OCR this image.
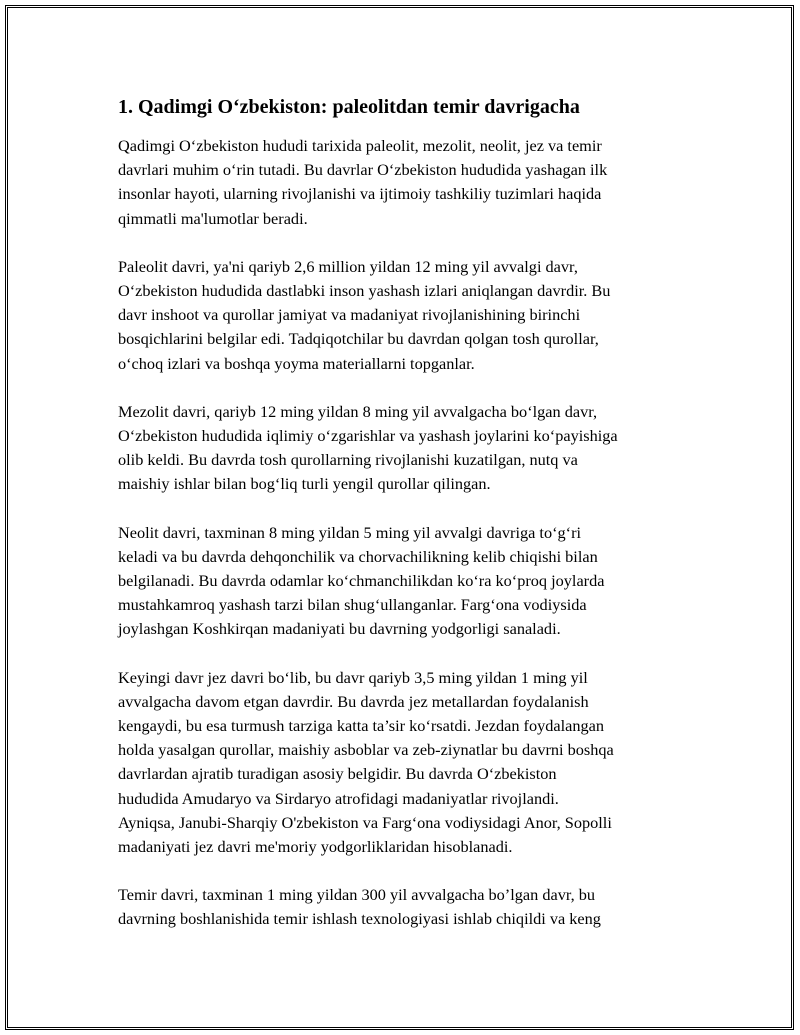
1. Qadimgi O‘zbekiston: paleolitdan temir davrigacha

Qadimgi O‘zbekiston hududi tarixida paleolit, mezolit, neolit, jez va temir
davrlari muhim o‘rin tutadi. Bu davrlar O‘zbekiston hududida yashagan ilk
insonlar hayoti, ularning rivojlanishi va ijtimoiy tashkiliy tuzimlari haqida
qimmatli ma'lumotlar beradi.

Paleolit davri, ya'ni qariyb 2,6 million yildan 12 ming yil avvalgi davr,
O‘zbekiston hududida dastlabki inson yashash izlari aniqlangan davrdir. Bu
davr inshoot va qurollar jamiyat va madaniyat rivojlanishining birinchi
bosqichlarini belgilar edi. Tadqiqotchilar bu davrdan qolgan tosh qurollar,
o‘choq izlari va boshqa yoyma materiallarni topganlar.

Mezolit davri, qariyb 12 ming yildan 8 ming yil avvalgacha bo‘lgan davr,
O‘zbekiston hududida iqlimiy o‘zgarishlar va yashash joylarini ko‘payishiga
olib keldi. Bu davrda tosh qurollarning rivojlanishi kuzatilgan, nutq va
maishiy ishlar bilan bog‘liq turli yengil qurollar qilingan.

Neolit davri, taxminan 8 ming yildan 5 ming yil avvalgi davriga to‘g‘ri
keladi va bu davrda dehqonchilik va chorvachilikning kelib chiqishi bilan
belgilanadi. Bu davrda odamlar ko‘chmanchilikdan ko‘ra ko‘proq joylarda
mustahkamroq yashash tarzi bilan shug‘ullanganlar. Farg‘ona vodiysida
joylashgan Koshkirqan madaniyati bu davrning yodgorligi sanaladi.

Keyingi davr jez davri bo‘lib, bu davr qariyb 3,5 ming yildan 1 ming yil
avvalgacha davom etgan davrdir. Bu davrda jez metallardan foydalanish
kengaydi, bu esa turmush tarziga katta ta’sir ko‘rsatdi. Jezdan foydalangan
holda yasalgan qurollar, maishiy asboblar va zeb-ziynatlar bu davrni boshqa
davrlardan ajratib turadigan asosiy belgidir. Bu davrda O‘zbekiston
hududida Amudaryo va Sirdaryo atrofidagi madaniyatlar rivojlandi.
Ayniqsa, Janubi-Sharqiy O'zbekiston va Farg‘ona vodiysidagi Anor, Sopolli
madaniyati jez davri me'moriy yodgorliklaridan hisoblanadi.

Temir davri, taxminan 1 ming yildan 300 yil avvalgacha bo’lgan davr, bu
davrning boshlanishida temir ishlash texnologiyasi ishlab chiqildi va keng
